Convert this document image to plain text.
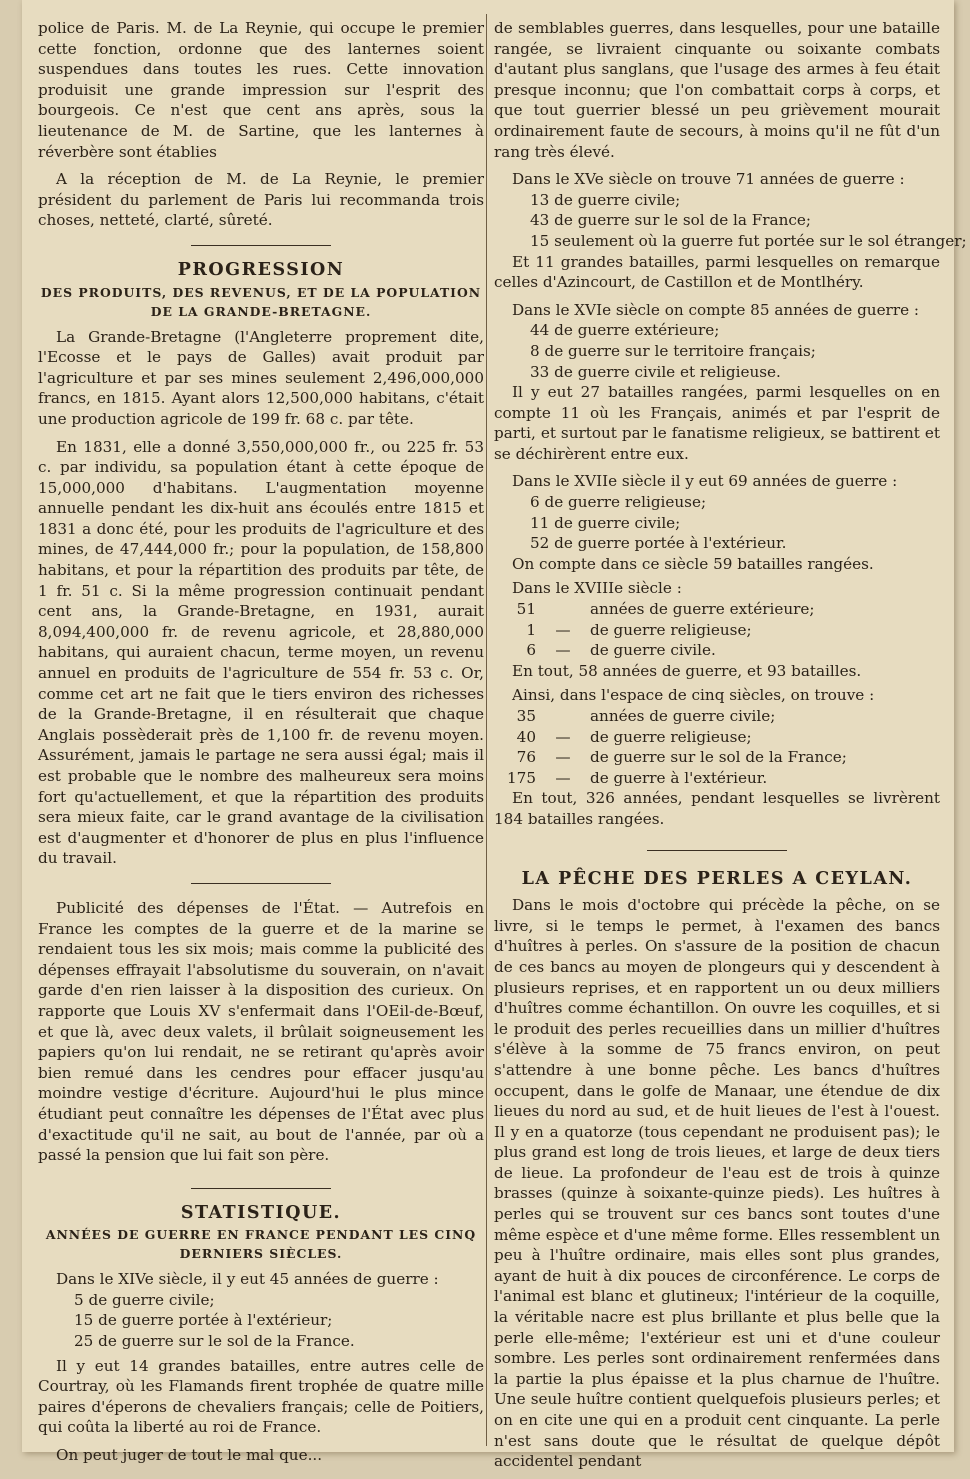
police de Paris. M. de La Reynie, qui occupe le premier cette fonction, ordonne que des lanternes soient suspendues dans toutes les rues. Cette innovation produisit une grande impression sur l'esprit des bourgeois. Ce n'est que cent ans après, sous la lieutenance de M. de Sartine, que les lanternes à réverbère sont établies

A la réception de M. de La Reynie, le premier président du parlement de Paris lui recommanda trois choses, netteté, clarté, sûreté.

PROGRESSION
DES PRODUITS, DES REVENUS, ET DE LA POPULATION DE LA GRANDE-BRETAGNE.

La Grande-Bretagne (l'Angleterre proprement dite, l'Ecosse et le pays de Galles) avait produit par l'agriculture et par ses mines seulement 2,496,000,000 francs, en 1815. Ayant alors 12,500,000 habitans, c'était une production agricole de 199 fr. 68 c. par tête.

En 1831, elle a donné 3,550,000,000 fr., ou 225 fr. 53 c. par individu, sa population étant à cette époque de 15,000,000 d'habitans. L'augmentation moyenne annuelle pendant les dix-huit ans écoulés entre 1815 et 1831 a donc été, pour les produits de l'agriculture et des mines, de 47,444,000 fr.; pour la population, de 158,800 habitans, et pour la répartition des produits par tête, de 1 fr. 51 c. Si la même progression continuait pendant cent ans, la Grande-Bretagne, en 1931, aurait 8,094,400,000 fr. de revenu agricole, et 28,880,000 habitans, qui auraient chacun, terme moyen, un revenu annuel en produits de l'agriculture de 554 fr. 53 c. Or, comme cet art ne fait que le tiers environ des richesses de la Grande-Bretagne, il en résulterait que chaque Anglais possèderait près de 1,100 fr. de revenu moyen. Assurément, jamais le partage ne sera aussi égal; mais il est probable que le nombre des malheureux sera moins fort qu'actuellement, et que la répartition des produits sera mieux faite, car le grand avantage de la civilisation est d'augmenter et d'honorer de plus en plus l'influence du travail.

Publicité des dépenses de l'État. — Autrefois en France les comptes de la guerre et de la marine se rendaient tous les six mois; mais comme la publicité des dépenses effrayait l'absolutisme du souverain, on n'avait garde d'en rien laisser à la disposition des curieux. On rapporte que Louis XV s'enfermait dans l'OEil-de-Bœuf, et que là, avec deux valets, il brûlait soigneusement les papiers qu'on lui rendait, ne se retirant qu'après avoir bien remué dans les cendres pour effacer jusqu'au moindre vestige d'écriture. Aujourd'hui le plus mince étudiant peut connaître les dépenses de l'État avec plus d'exactitude qu'il ne sait, au bout de l'année, par où a passé la pension que lui fait son père.

STATISTIQUE.
ANNÉES DE GUERRE EN FRANCE PENDANT LES CINQ DERNIERS SIÈCLES.
Dans le XIVe siècle, il y eut 45 années de guerre :
5 de guerre civile;
15 de guerre portée à l'extérieur;
25 de guerre sur le sol de la France.

Il y eut 14 grandes batailles, entre autres celle de Courtray, où les Flamands firent trophée de quatre mille paires d'éperons de chevaliers français; celle de Poitiers, qui coûta la liberté au roi de France.

On peut juger de tout le mal que...

de semblables guerres, dans lesquelles, pour une bataille rangée, se livraient cinquante ou soixante combats d'autant plus sanglans, que l'usage des armes à feu était presque inconnu; que l'on combattait corps à corps, et que tout guerrier blessé un peu grièvement mourait ordinairement faute de secours, à moins qu'il ne fût d'un rang très élevé.

Dans le XVe siècle on trouve 71 années de guerre :
13 de guerre civile;
43 de guerre sur le sol de la France;
15 seulement où la guerre fut portée sur le sol étranger;

Et 11 grandes batailles, parmi lesquelles on remarque celles d'Azincourt, de Castillon et de Montlhéry.

Dans le XVIe siècle on compte 85 années de guerre :
44 de guerre extérieure;
8 de guerre sur le territoire français;
33 de guerre civile et religieuse.

Il y eut 27 batailles rangées, parmi lesquelles on en compte 11 où les Français, animés et par l'esprit de parti, et surtout par le fanatisme religieux, se battirent et se déchirèrent entre eux.

Dans le XVIIe siècle il y eut 69 années de guerre :
6 de guerre religieuse;
11 de guerre civile;
52 de guerre portée à l'extérieur.
On compte dans ce siècle 59 batailles rangées.
Dans le XVIIIe siècle :
51	années de guerre extérieure;
1	—	de guerre religieuse;
6	—	de guerre civile.
En tout, 58 années de guerre, et 93 batailles.
Ainsi, dans l'espace de cinq siècles, on trouve :
35	années de guerre civile;
40	—	de guerre religieuse;
76	—	de guerre sur le sol de la France;
175	—	de guerre à l'extérieur.

En tout, 326 années, pendant lesquelles se livrèrent 184 batailles rangées.

LA PÊCHE DES PERLES A CEYLAN.

Dans le mois d'octobre qui précède la pêche, on se livre, si le temps le permet, à l'examen des bancs d'huîtres à perles. On s'assure de la position de chacun de ces bancs au moyen de plongeurs qui y descendent à plusieurs reprises, et en rapportent un ou deux milliers d'huîtres comme échantillon. On ouvre les coquilles, et si le produit des perles recueillies dans un millier d'huîtres s'élève à la somme de 75 francs environ, on peut s'attendre à une bonne pêche. Les bancs d'huîtres occupent, dans le golfe de Manaar, une étendue de dix lieues du nord au sud, et de huit lieues de l'est à l'ouest. Il y en a quatorze (tous cependant ne produisent pas); le plus grand est long de trois lieues, et large de deux tiers de lieue. La profondeur de l'eau est de trois à quinze brasses (quinze à soixante-quinze pieds). Les huîtres à perles qui se trouvent sur ces bancs sont toutes d'une même espèce et d'une même forme. Elles ressemblent un peu à l'huître ordinaire, mais elles sont plus grandes, ayant de huit à dix pouces de circonférence. Le corps de l'animal est blanc et glutineux; l'intérieur de la coquille, la véritable nacre est plus brillante et plus belle que la perle elle-même; l'extérieur est uni et d'une couleur sombre. Les perles sont ordinairement renfermées dans la partie la plus épaisse et la plus charnue de l'huître. Une seule huître contient quelquefois plusieurs perles; et on en cite une qui en a produit cent cinquante. La perle n'est sans doute que le résultat de quelque dépôt accidentel pendant
